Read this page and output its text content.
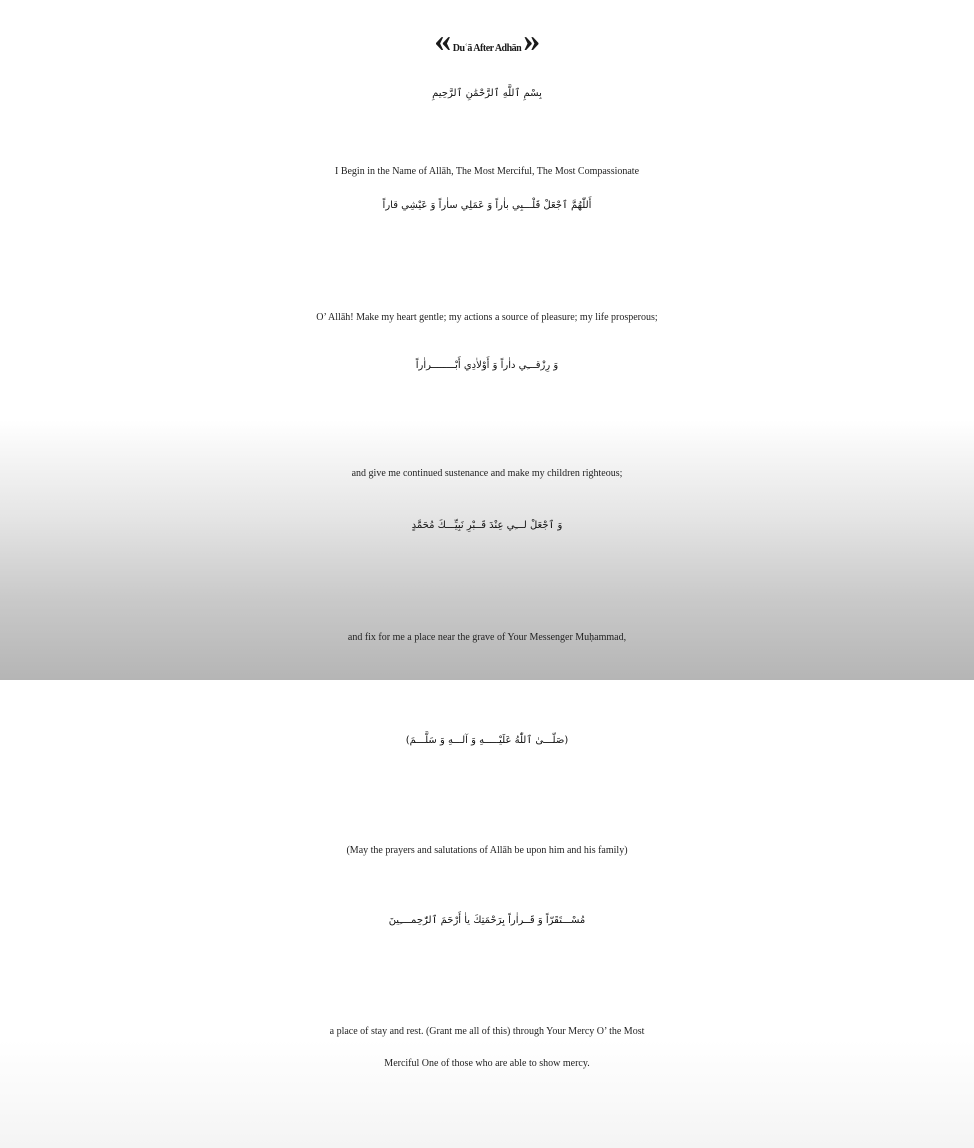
« Duʿā After Adhān »
بِسْمِ ٱللَّهِ ٱلرَّحْمَٰنِ ٱلرَّحِيمِ
I Begin in the Name of Allāh, The Most Merciful, The Most Compassionate
أَللّٰهُمَّ ٱجْعَلْ قَلْـــبِي باٰراً وَ عَمَلِي ساٰراً وَ عَيْشِي قاراً
O’ Allāh! Make my heart gentle; my actions a source of pleasure; my life prosperous;
وَ رِزْقـــِي داٰراً وَ أَوْلاٰدِي أَبْــــــــراٰراً
and give me continued sustenance and make my children righteous;
وَ ٱجْعَلْ لـــِي عِنْدَ قَــبْرِ نَبِيِّـــكَ مُحَمَّدٍ
and fix for me a place near the grave of Your Messenger Muḥammad,
(صَلّـــىٰ ٱللّٰهُ عَلَيْـــــهِ وَ آلـــهِ وَ سَلَّـــمَ)
(May the prayers and salutations of Allāh be upon him and his family)
مُسْـــتَقَرّاً وَ قَــراٰراً بِرَحْمَتِكَ ياٰ أَرْحَمَ ٱلرّٰحِمــــِينَ
a place of stay and rest. (Grant me all of this) through Your Mercy O’ the Most
Merciful One of those who are able to show mercy.
